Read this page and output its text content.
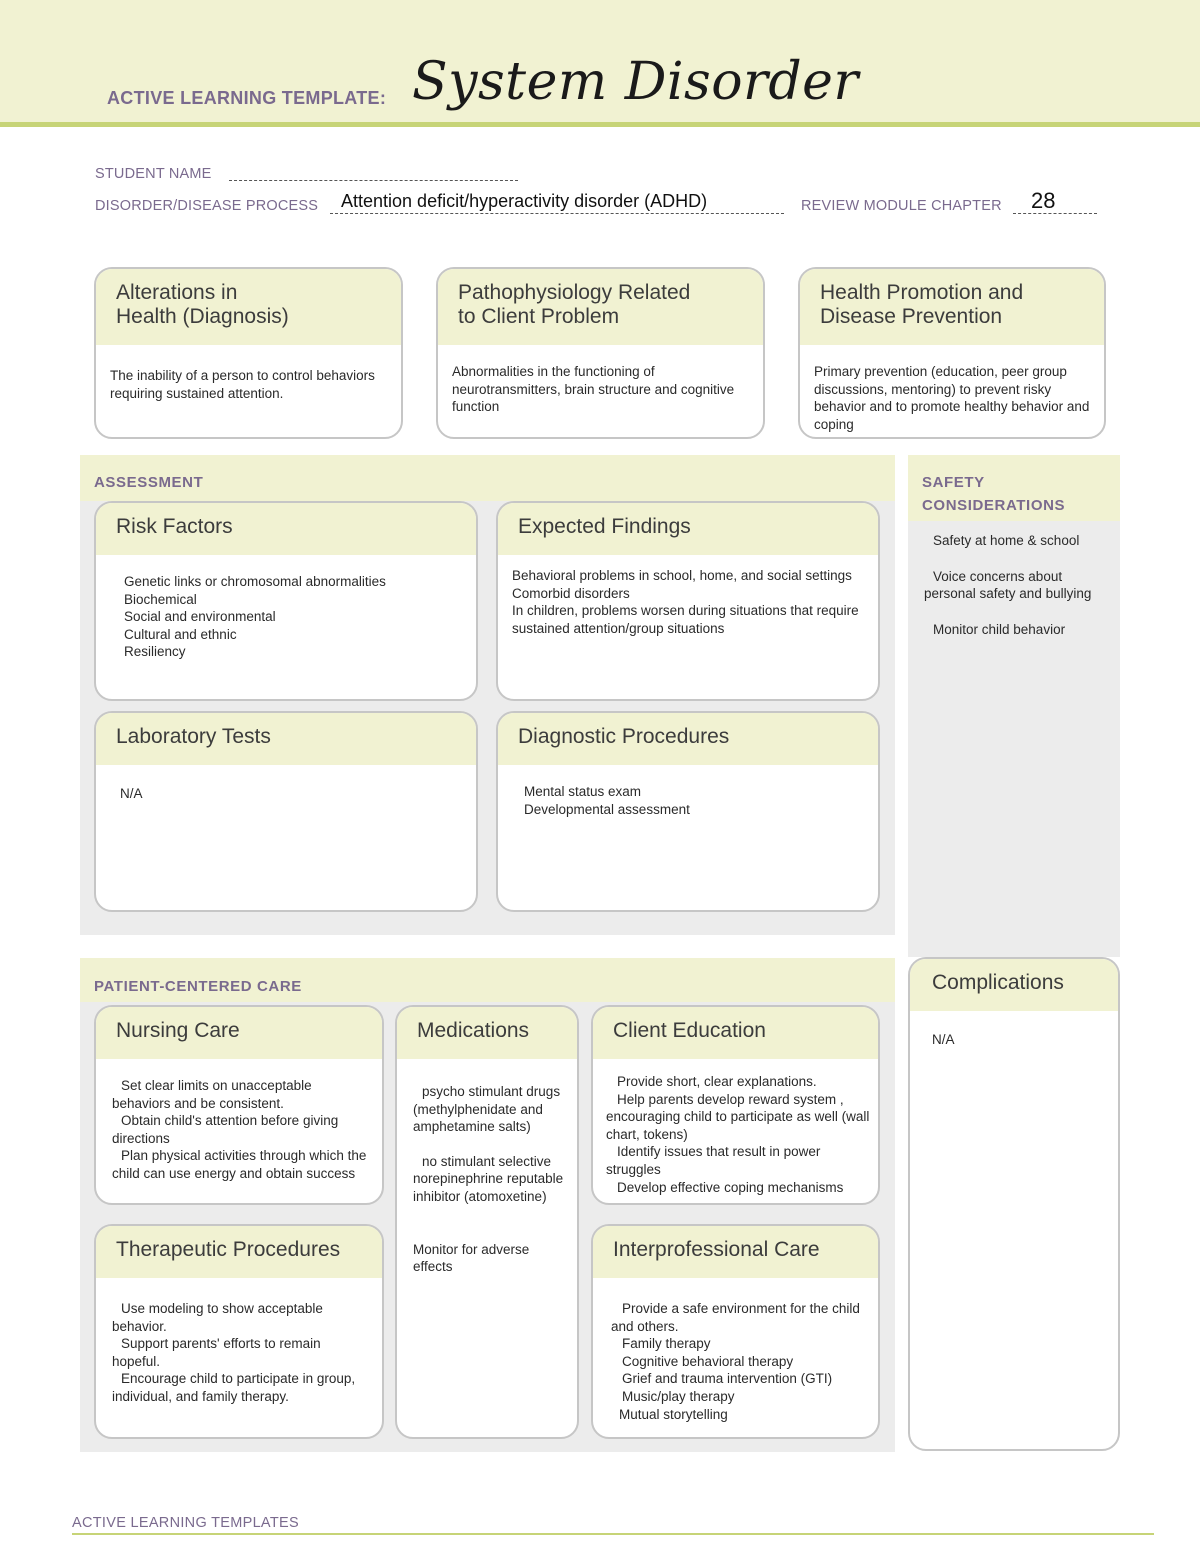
ACTIVE LEARNING TEMPLATE: System Disorder
STUDENT NAME
DISORDER/DISEASE PROCESS Attention deficit/hyperactivity disorder (ADHD)	REVIEW MODULE CHAPTER 28
Alterations in
Health (Diagnosis)
The inability of a person to control behaviors requiring sustained attention.
Pathophysiology Related
to Client Problem
Abnormalities in the functioning of neurotransmitters, brain structure and cognitive function
Health Promotion and
Disease Prevention
Primary prevention (education, peer group discussions, mentoring) to prevent risky behavior and to promote healthy behavior and coping
ASSESSMENT
Risk Factors
Genetic links or chromosomal abnormalities
Biochemical
Social and environmental
Cultural and ethnic
Resiliency
Expected Findings
Behavioral problems in school, home, and social settings
Comorbid disorders
In children, problems worsen during situations that require sustained attention/group situations
Laboratory Tests
N/A
Diagnostic Procedures
Mental status exam
Developmental assessment
SAFETY
CONSIDERATIONS
Safety at home & school
Voice concerns about personal safety and bullying
Monitor child behavior
Complications
N/A
PATIENT-CENTERED CARE
Nursing Care
Set clear limits on unacceptable behaviors and be consistent.
Obtain child's attention before giving directions
Plan physical activities through which the child can use energy and obtain success
Medications
psycho stimulant drugs (methylphenidate and amphetamine salts)
no stimulant selective norepinephrine reputable inhibitor (atomoxetine)
Monitor for adverse effects
Client Education
Provide short, clear explanations.
Help parents develop reward system , encouraging child to participate as well (wall chart, tokens)
Identify issues that result in power struggles
Develop effective coping mechanisms
Therapeutic Procedures
Use modeling to show acceptable behavior.
Support parents' efforts to remain hopeful.
Encourage child to participate in group, individual, and family therapy.
Interprofessional Care
Provide a safe environment for the child and others.
Family therapy
Cognitive behavioral therapy
Grief and trauma intervention (GTI)
Music/play therapy
Mutual storytelling
ACTIVE LEARNING TEMPLATES
